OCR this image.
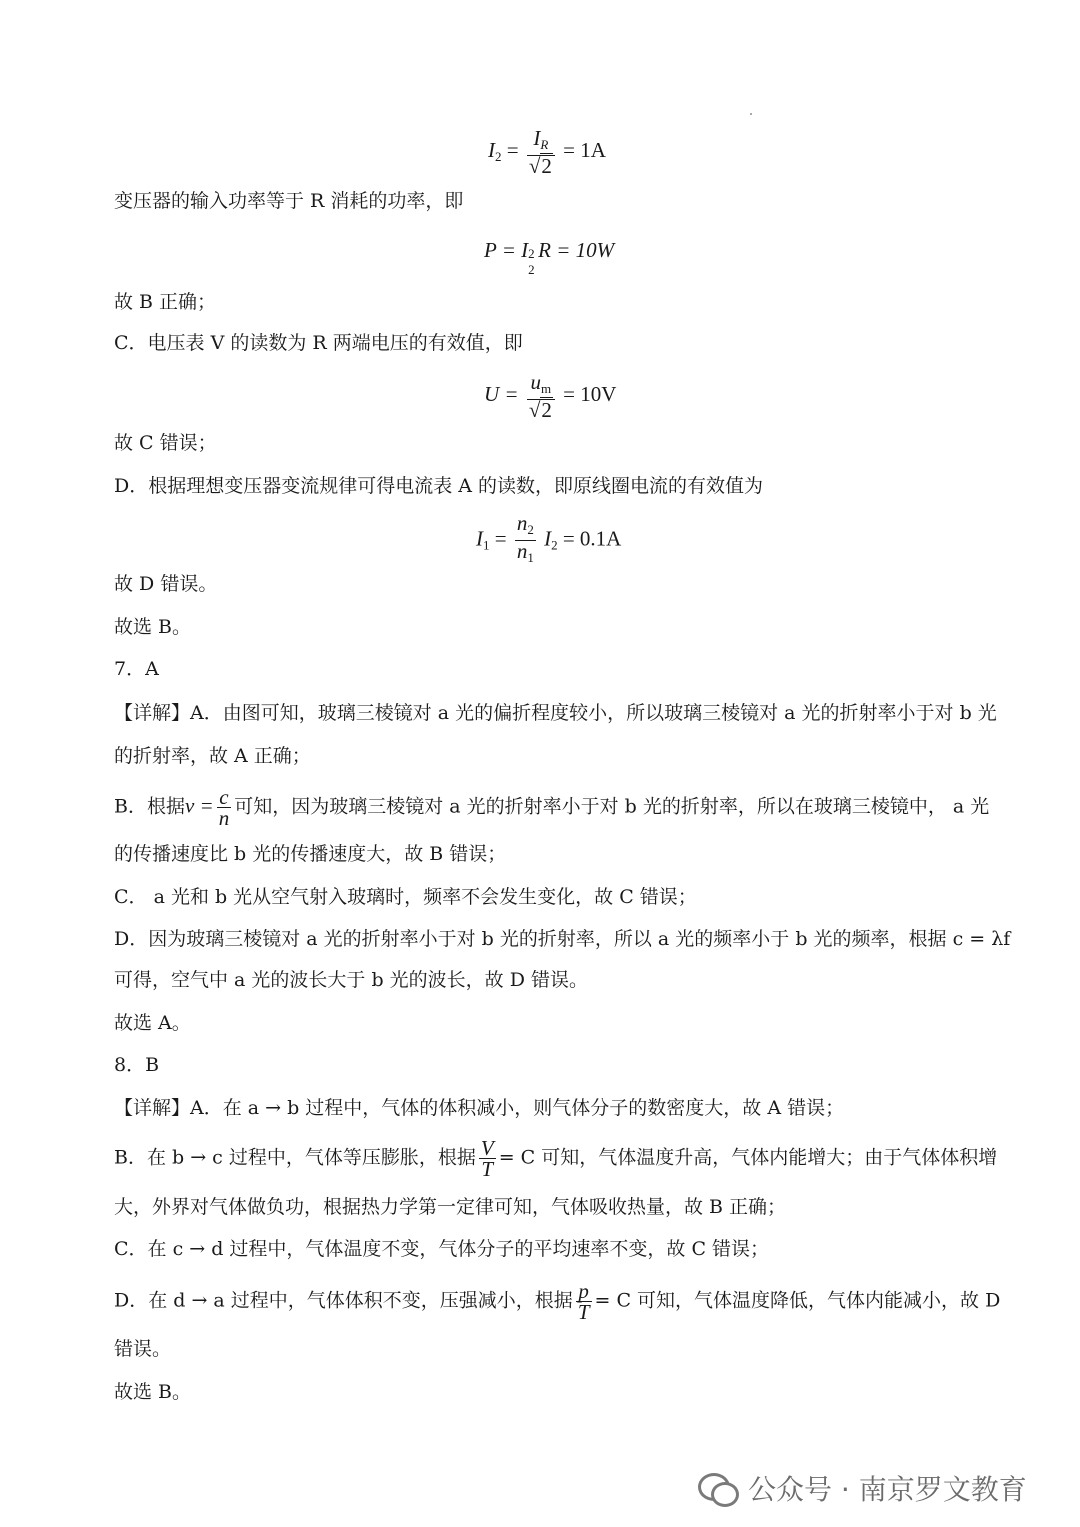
$I_2 = \frac{I_R}{√2} = 1A$
变压器的输入功率等于 R 消耗的功率，即
P = I 2
2
R = 10W
故 B 正确；
C．电压表 V 的读数为 R 两端电压的有效值，即
$U = \frac{u_m}{√2} = 10V$
故 C 错误；
D．根据理想变压器变流规律可得电流表 A 的读数，即原线圈电流的有效值为
$I_1 = \frac{n_2}{n_1} I_2 = 0.1A$
故 D 错误。
故选 B。
7．A
【详解】A．由图可知，玻璃三棱镜对 a 光的偏折程度较小，所以玻璃三棱镜对 a 光的折射率小于对 b 光
的折射率，故 A 正确；
B．根据$v = \frac{c}{n}$ 可知，因为玻璃三棱镜对 a 光的折射率小于对 b 光的折射率，所以在玻璃三棱镜中， a 光
的传播速度比 b 光的传播速度大，故 B 错误；
C． a 光和 b 光从空气射入玻璃时，频率不会发生变化，故 C 错误；
D．因为玻璃三棱镜对 a 光的折射率小于对 b 光的折射率，所以 a 光的频率小于 b 光的频率，根据 c = λf
可得，空气中 a 光的波长大于 b 光的波长，故 D 错误。
故选 A。
8．B
【详解】A．在 a → b 过程中，气体的体积减小，则气体分子的数密度大，故 A 错误；
B．在 b → c 过程中，气体等压膨胀，根据 $\frac{V}{T} = C$ 可知，气体温度升高，气体内能增大；由于气体体积增
大，外界对气体做负功，根据热力学第一定律可知，气体吸收热量，故 B 正确；
C．在 c → d 过程中，气体温度不变，气体分子的平均速率不变，故 C 错误；
D．在 d → a 过程中，气体体积不变，压强减小，根据 $\frac{p}{T} = C$ 可知，气体温度降低，气体内能减小，故 D
错误。
故选 B。
公众号 · 南京罗文教育
